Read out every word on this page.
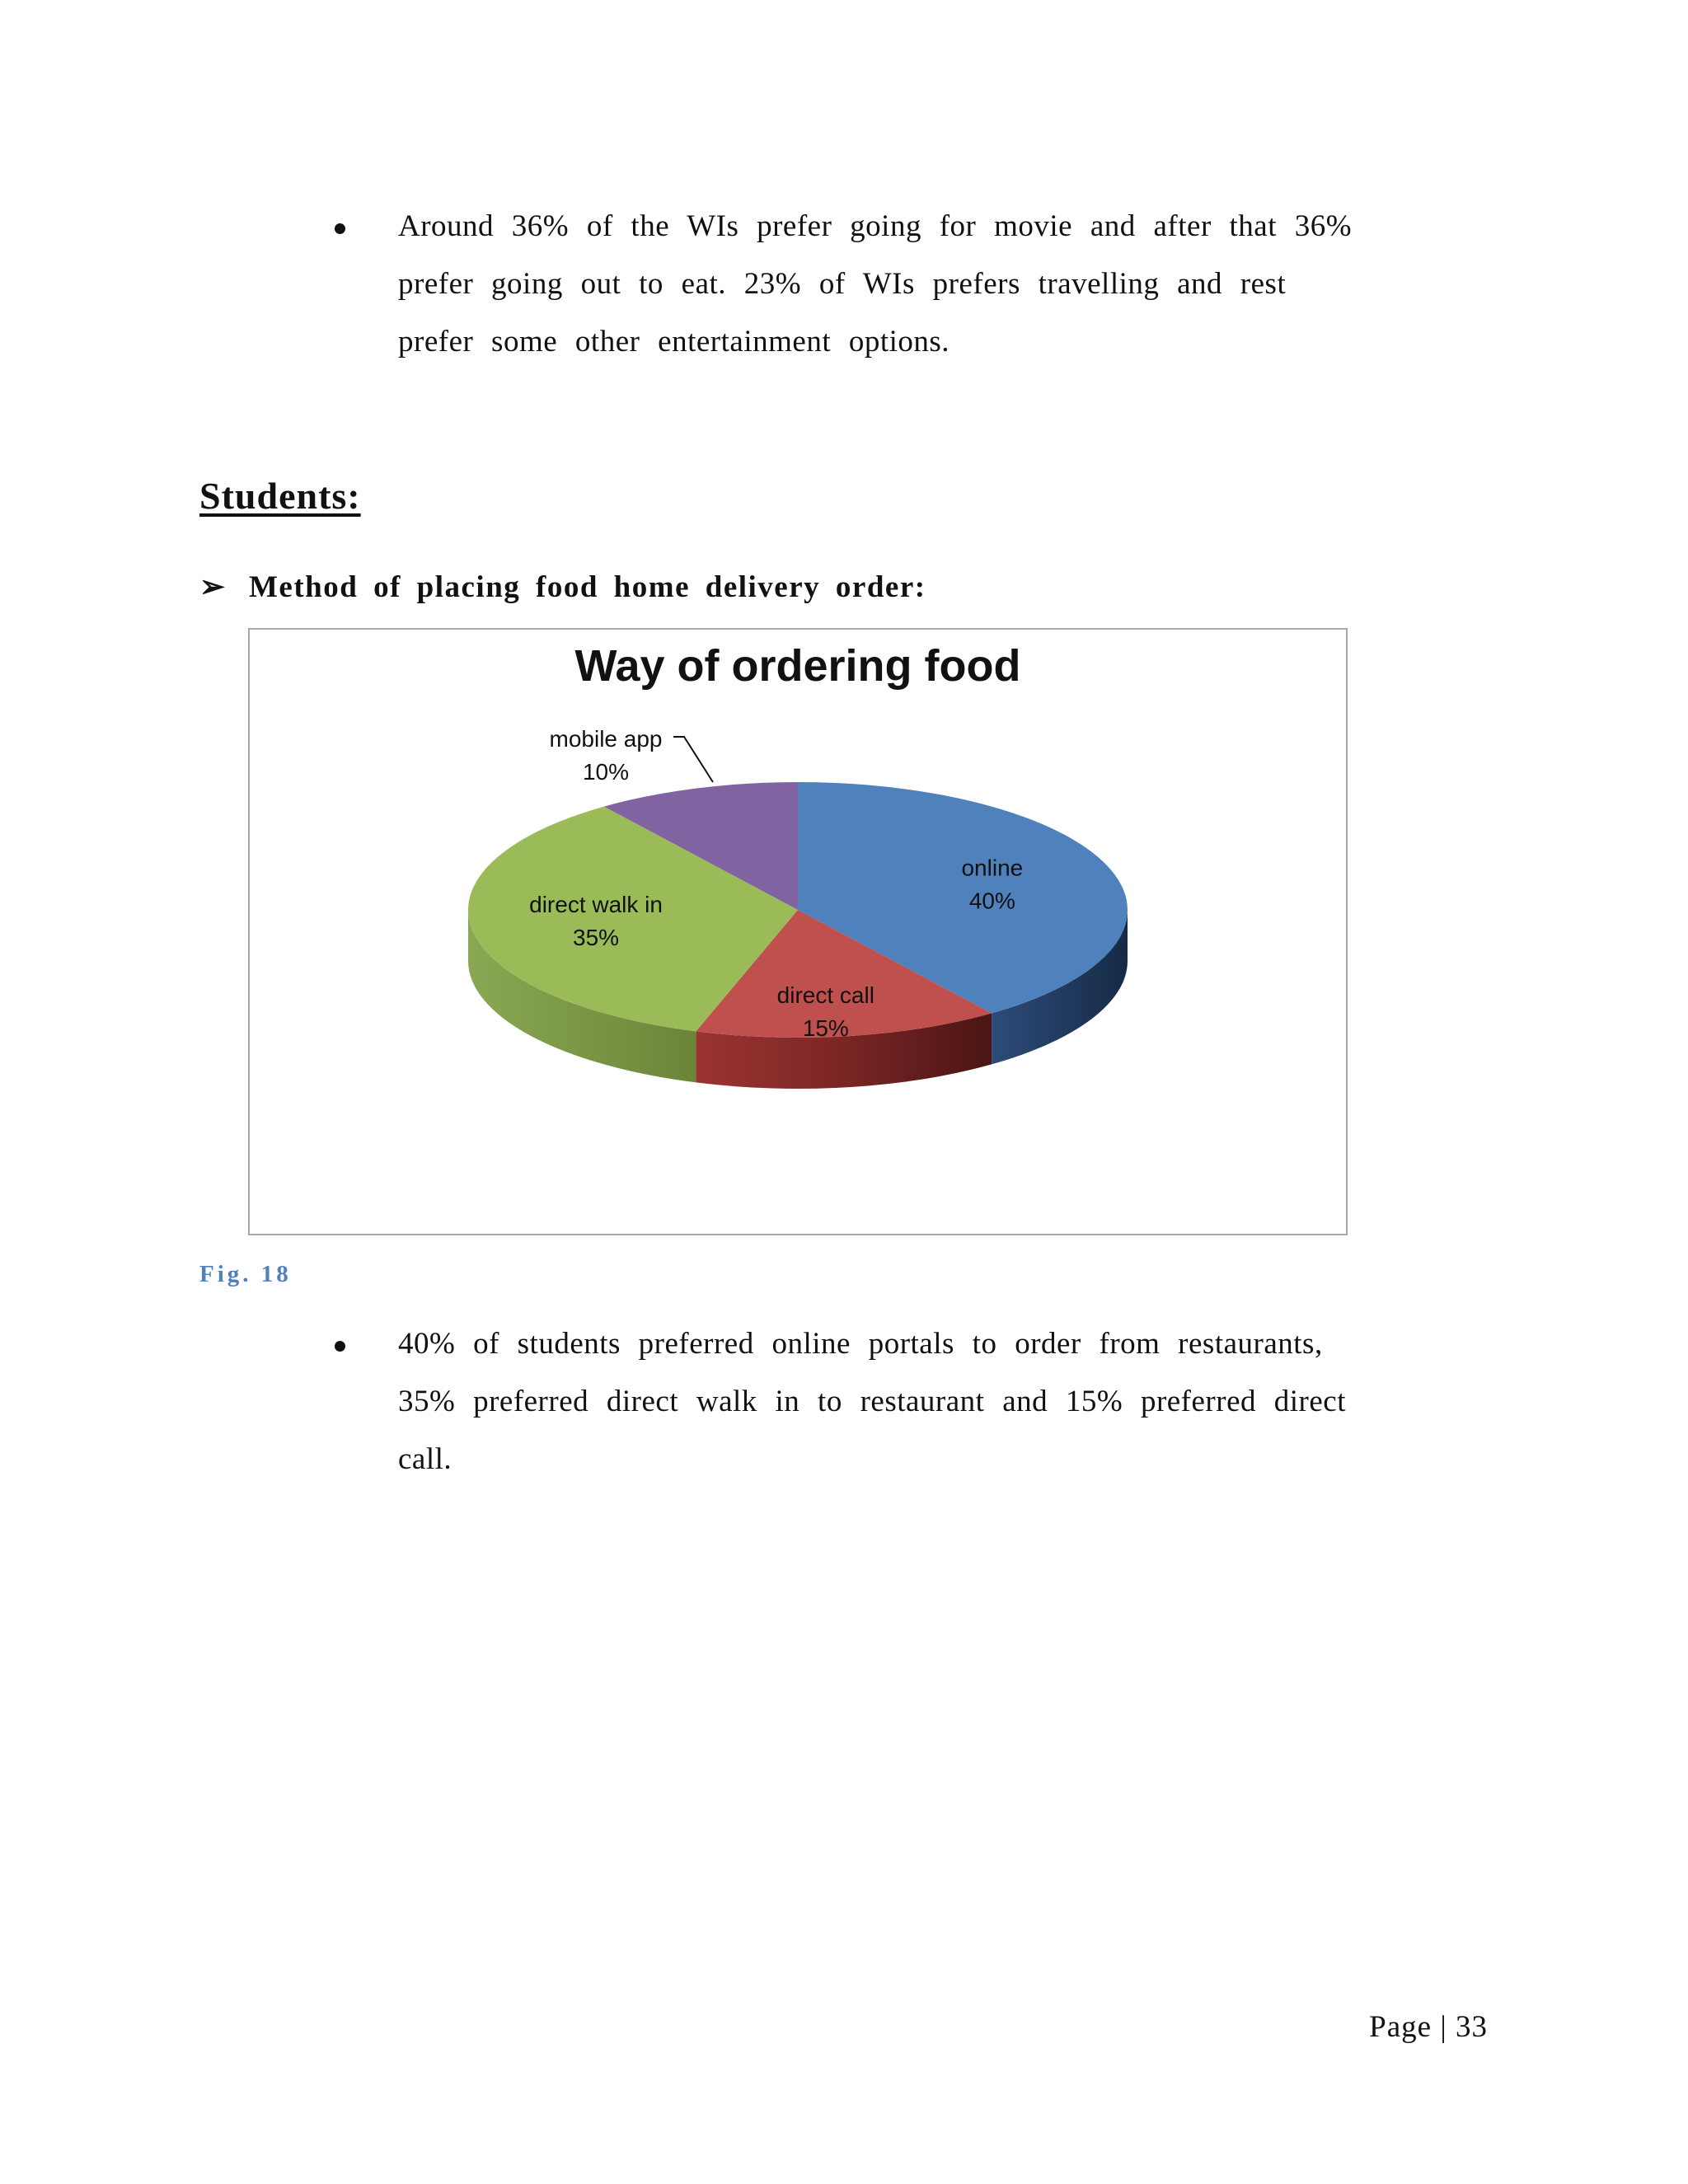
Around 36% of the WIs prefer going for movie and after that 36%
prefer going out to eat. 23% of WIs prefers travelling and rest
prefer some other entertainment options.
Students:
➢ Method of placing food home delivery order:
Way of ordering food
online
40%
direct call
15%
direct walk in
35%
mobile app
10%
Fig. 18
40% of students preferred online portals to order from restaurants,
35% preferred direct walk in to restaurant and 15% preferred direct
call.
Page | 33
